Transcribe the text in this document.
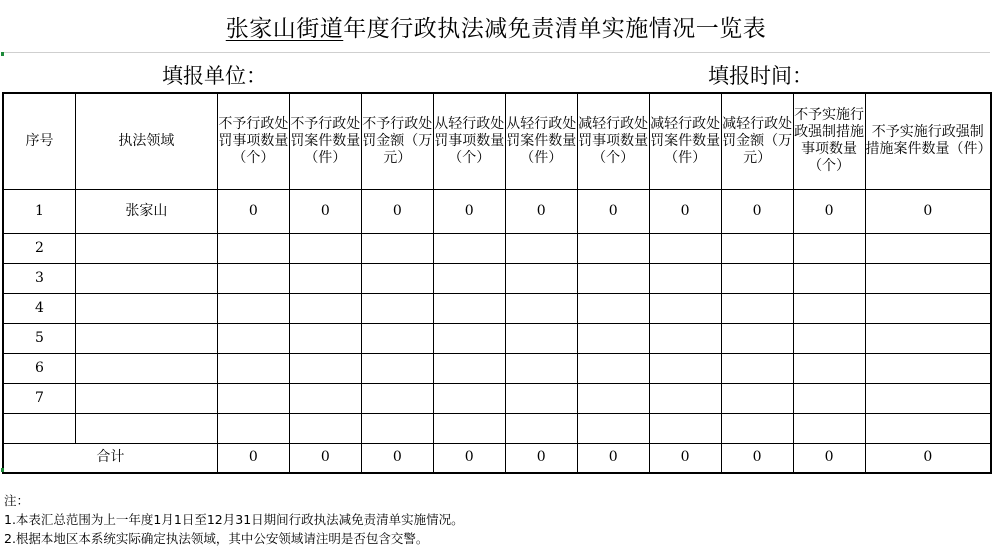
张家山街道 年度行政执法减免责清单实施情况一览表
填报单位：	填报时间：
序号	执法领域	不予行政处罚事项数量（个）	不予行政处罚案件数量（件）	不予行政处罚金额（万元）	从轻行政处罚事项数量（个）	从轻行政处罚案件数量（件）	减轻行政处罚事项数量（个）	减轻行政处罚案件数量（件）	减轻行政处罚金额（万元）	不予实施行政强制措施事项数量（个）	不予实施行政强制措施案件数量（件）
1	张家山	0	0	0	0	0	0	0	0	0	0
2											
3											
4											
5											
6											
7											

合计		0	0	0	0	0	0	0	0	0	0
注：
1.本表汇总范围为上一年度1月1日至12月31日期间行政执法减免责清单实施情况。
2.根据本地区本系统实际确定执法领域，其中公安领域请注明是否包含交警。
